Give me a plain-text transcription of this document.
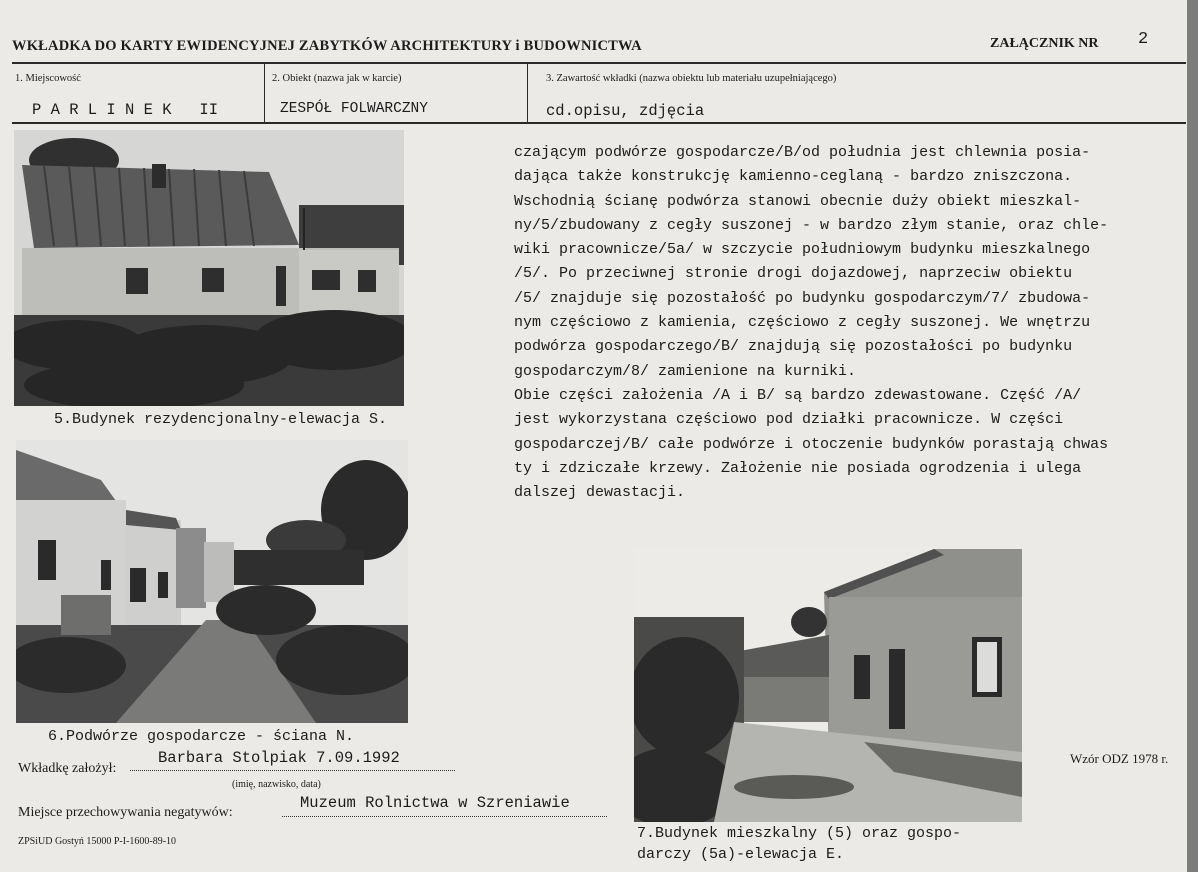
WKŁADKA DO KARTY EWIDENCYJNEJ ZABYTKÓW ARCHITEKTURY i BUDOWNICTWA	ZAŁĄCZNIK NR 2
1. Miejscowość
P A R L I N E K   II
2. Obiekt (nazwa jak w karcie)
ZESPÓŁ FOLWARCZNY
3. Zawartość wkładki (nazwa obiektu lub materiału uzupełniającego)
cd.opisu, zdjęcia
czającym podwórze gospodarcze/B/od południa jest chlewnia posia-
dająca także konstrukcję kamienno-ceglaną - bardzo zniszczona.
Wschodnią ścianę podwórza stanowi obecnie duży obiekt mieszkal-
ny/5/zbudowany z cegły suszonej - w bardzo złym stanie, oraz chle-
wiki pracownicze/5a/ w szczycie południowym budynku mieszkalnego
/5/. Po przeciwnej stronie drogi dojazdowej, naprzeciw obiektu
/5/ znajduje się pozostałość po budynku gospodarczym/7/ zbudowa-
nym częściowo z kamienia, częściowo z cegły suszonej. We wnętrzu
podwórza gospodarczego/B/ znajdują się pozostałości po budynku
gospodarczym/8/ zamienione na kurniki.
Obie części założenia /A i B/ są bardzo zdewastowane. Część /A/
jest wykorzystana częściowo pod działki pracownicze. W części
gospodarczej/B/ całe podwórze i otoczenie budynków porastają chwas
ty i zdziczałe krzewy. Założenie nie posiada ogrodzenia i ulega
dalszej dewastacji.
5.Budynek rezydencjonalny-elewacja S.
6.Podwórze gospodarcze - ściana N.
7.Budynek mieszkalny (5) oraz gospo-
darczy (5a)-elewacja E.
Wkładkę założył:
Barbara Stolpiak 7.09.1992
(imię, nazwisko, data)
Miejsce przechowywania negatywów:
Muzeum Rolnictwa w Szreniawie
Wzór ODZ 1978 r.
ZPSiUD Gostyń 15000 P-I-1600-89-10
